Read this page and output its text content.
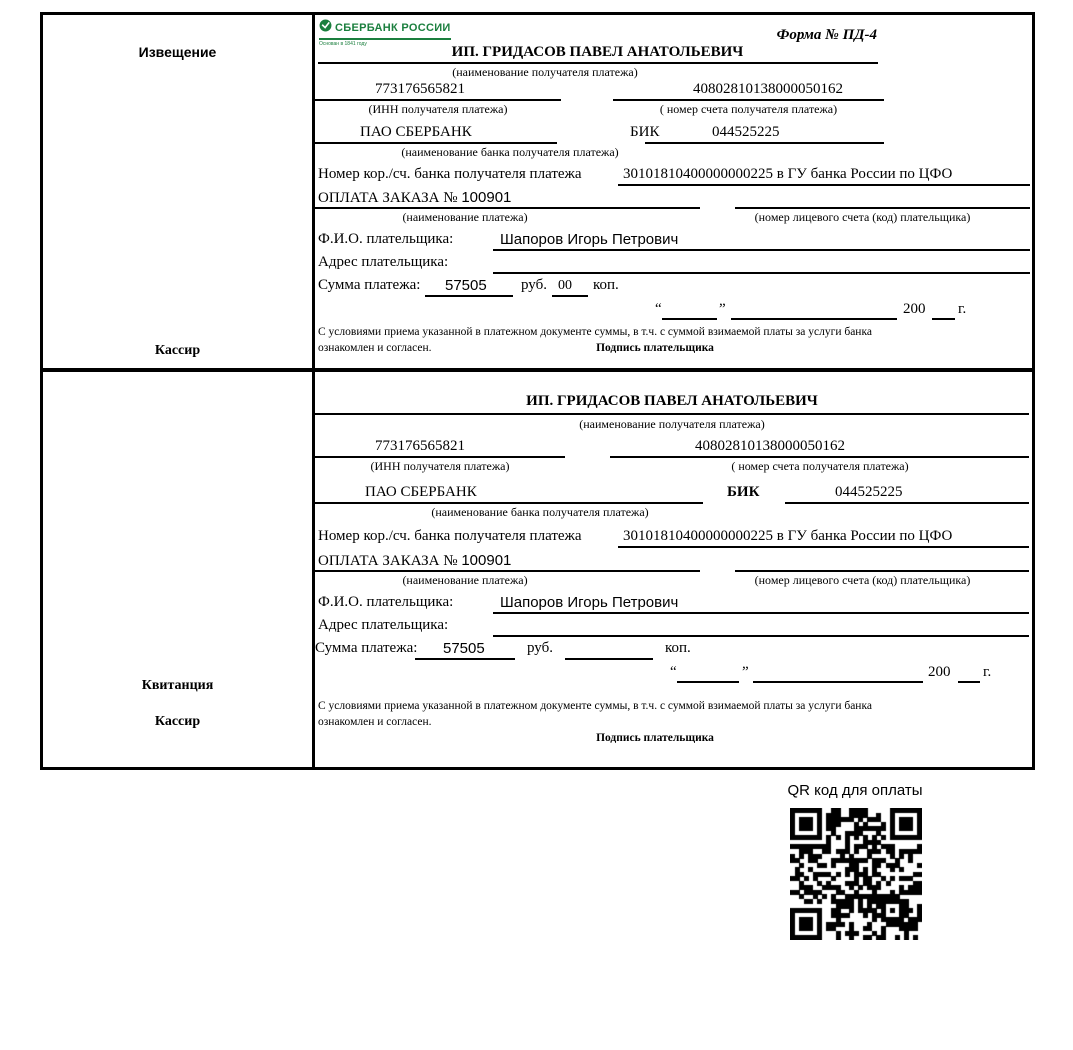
Извещение
Кассир
СБЕРБАНК РОССИИ
Основан в 1841 году
Форма № ПД-4
ИП. ГРИДАСОВ ПАВЕЛ АНАТОЛЬЕВИЧ
(наименование получателя платежа)
773176565821	40802810138000050162
(ИНН получателя платежа)	( номер счета получателя платежа)
ПАО СБЕРБАНК	БИК	044525225
(наименование банка получателя платежа)
Номер кор./сч. банка получателя платежа	30101810400000000225 в ГУ банка России по ЦФО
ОПЛАТА ЗАКАЗА № 100901
(наименование платежа)	(номер лицевого счета (код) плательщика)
Ф.И.О. плательщика:	Шапоров Игорь Петрович
Адрес плательщика:
Сумма платежа: 57505 руб. 00 коп.
“	”	200 г.
С условиями приема указанной в платежном документе суммы, в т.ч. с суммой взимаемой платы за услуги банка
ознакомлен и согласен.	Подпись плательщика
Квитанция
Кассир
ИП. ГРИДАСОВ ПАВЕЛ АНАТОЛЬЕВИЧ
(наименование получателя платежа)
773176565821	40802810138000050162
(ИНН получателя платежа)	( номер счета получателя платежа)
ПАО СБЕРБАНК	БИК	044525225
(наименование банка получателя платежа)
Номер кор./сч. банка получателя платежа	30101810400000000225 в ГУ банка России по ЦФО
ОПЛАТА ЗАКАЗА № 100901
(наименование платежа)	(номер лицевого счета (код) плательщика)
Ф.И.О. плательщика:	Шапоров Игорь Петрович
Адрес плательщика:
Сумма платежа: 57505	руб.	коп.
“	”	200 г.
С условиями приема указанной в платежном документе суммы, в т.ч. с суммой взимаемой платы за услуги банка
ознакомлен и согласен.
Подпись плательщика
QR код для оплаты
